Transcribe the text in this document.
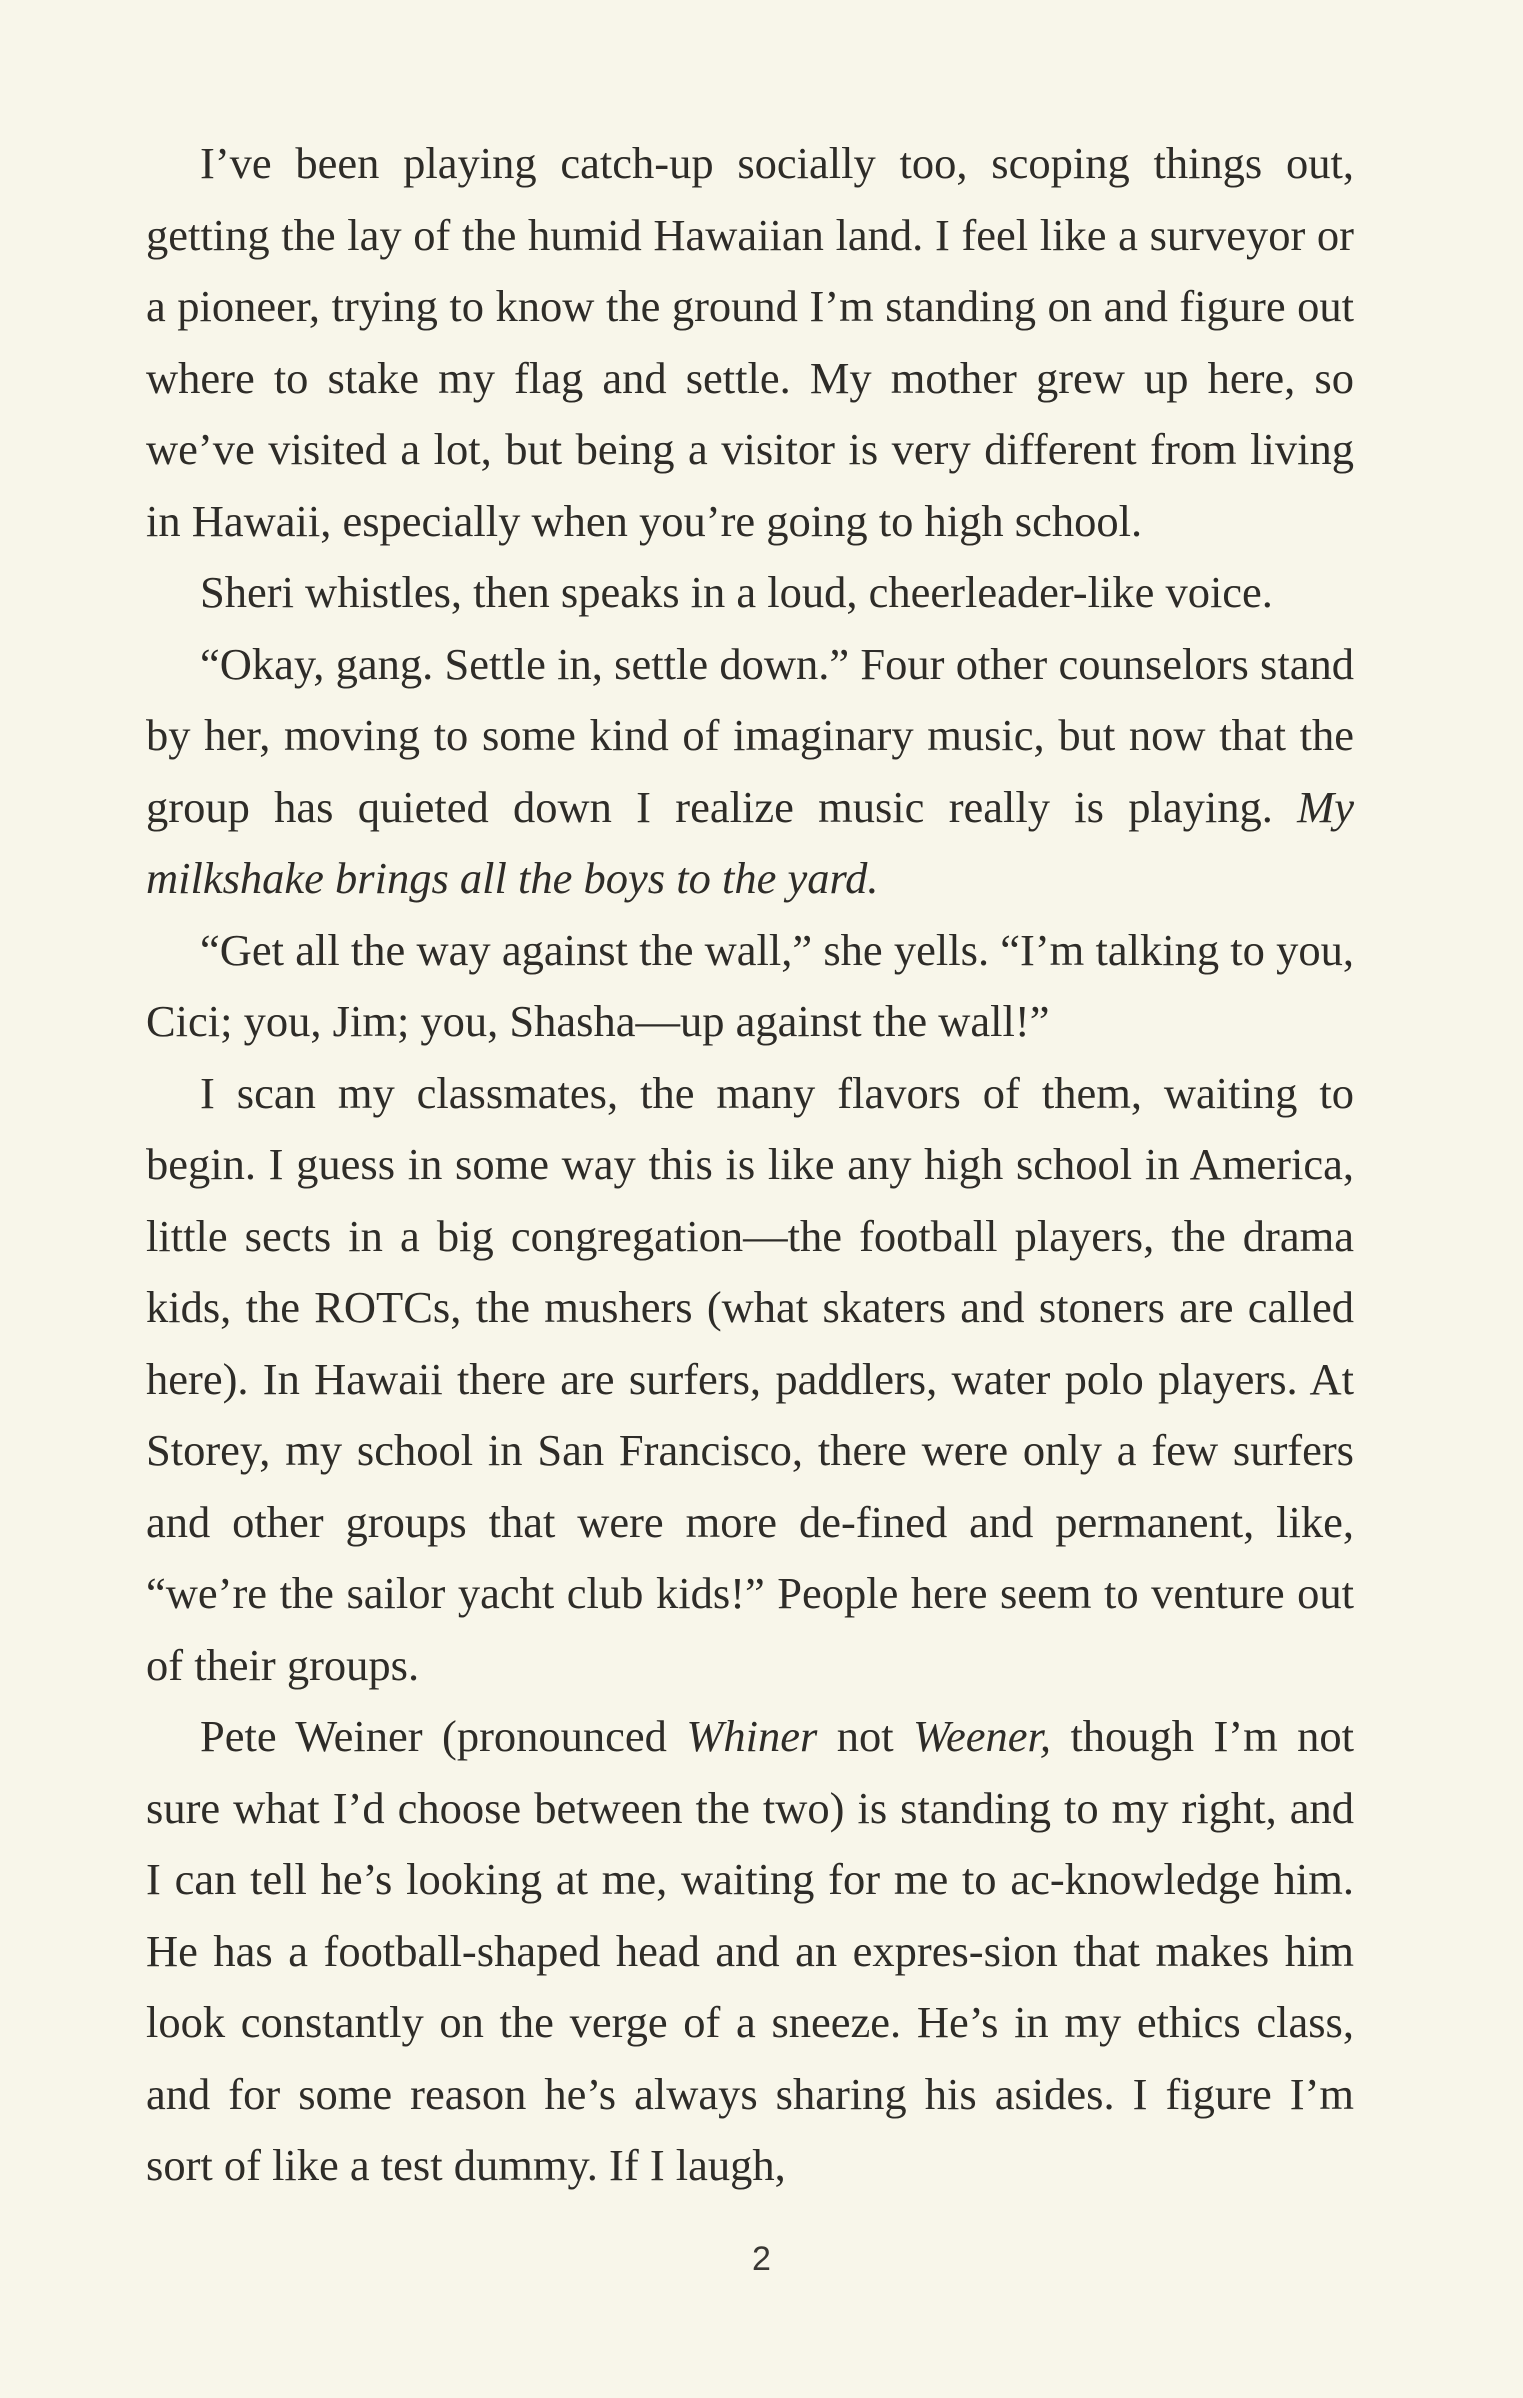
I’ve been playing catch-up socially too, scoping things out, getting the lay of the humid Hawaiian land. I feel like a surveyor or a pioneer, trying to know the ground I’m standing on and figure out where to stake my flag and settle. My mother grew up here, so we’ve visited a lot, but being a visitor is very different from living in Hawaii, especially when you’re going to high school.

Sheri whistles, then speaks in a loud, cheerleader-like voice.

“Okay, gang. Settle in, settle down.” Four other counselors stand by her, moving to some kind of imaginary music, but now that the group has quieted down I realize music really is playing. My milkshake brings all the boys to the yard.

“Get all the way against the wall,” she yells. “I’m talking to you, Cici; you, Jim; you, Shasha—up against the wall!”

I scan my classmates, the many flavors of them, waiting to begin. I guess in some way this is like any high school in America, little sects in a big congregation—the football players, the drama kids, the ROTCs, the mushers (what skaters and stoners are called here). In Hawaii there are surfers, paddlers, water polo players. At Storey, my school in San Francisco, there were only a few surfers and other groups that were more de-fined and permanent, like, “we’re the sailor yacht club kids!” People here seem to venture out of their groups.

Pete Weiner (pronounced Whiner not Weener, though I’m not sure what I’d choose between the two) is standing to my right, and I can tell he’s looking at me, waiting for me to ac-knowledge him. He has a football-shaped head and an expres-sion that makes him look constantly on the verge of a sneeze. He’s in my ethics class, and for some reason he’s always sharing his asides. I figure I’m sort of like a test dummy. If I laugh,

2
